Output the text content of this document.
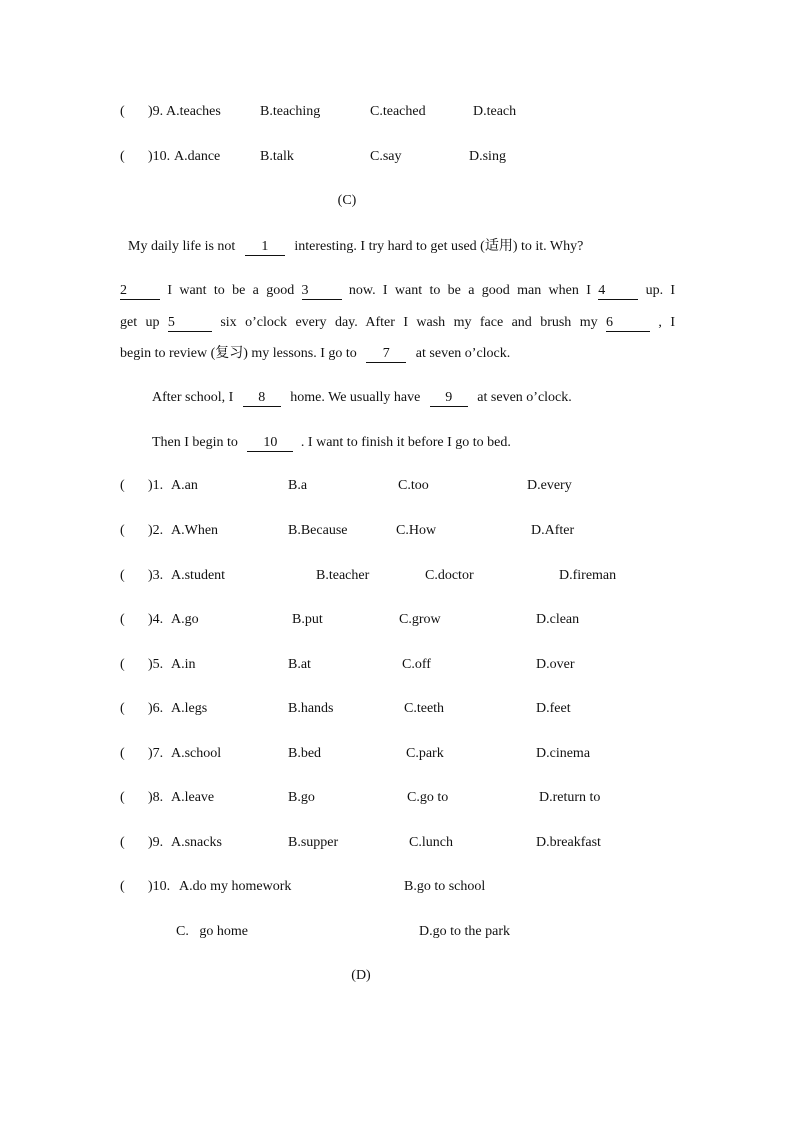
( )9. A.teaches	B.teaching	C.teached	D.teach
( )10. A.dance	B.talk	C.say	D.sing
(C)
My daily life is not 1 interesting. I try hard to get used (适用) to it. Why?
2	I want to be a good 3	now. I want to be a good man when I 4	up. I
get up 5	six o’clock every day. After I wash my face and brush my 6	, I
begin to review (复习) my lessons. I go to 7 at seven o’clock.
After school, I 8 home. We usually have 9 at seven o’clock.
Then I begin to 10 . I want to finish it before I go to bed.
( )1. A.an	B.a	C.too	D.every
( )2. A.When	B.Because	C.How	D.After
( )3. A.student	B.teacher	C.doctor	D.fireman
( )4. A.go	B.put	C.grow	D.clean
( )5. A.in	B.at	C.off	D.over
( )6. A.legs	B.hands	C.teeth	D.feet
( )7. A.school	B.bed	C.park	D.cinema
( )8. A.leave	B.go	C.go to	D.return to
( )9. A.snacks	B.supper	C.lunch	D.breakfast
( )10. A.do my homework	B.go to school
C.   go home	D.go to the park
(D)
